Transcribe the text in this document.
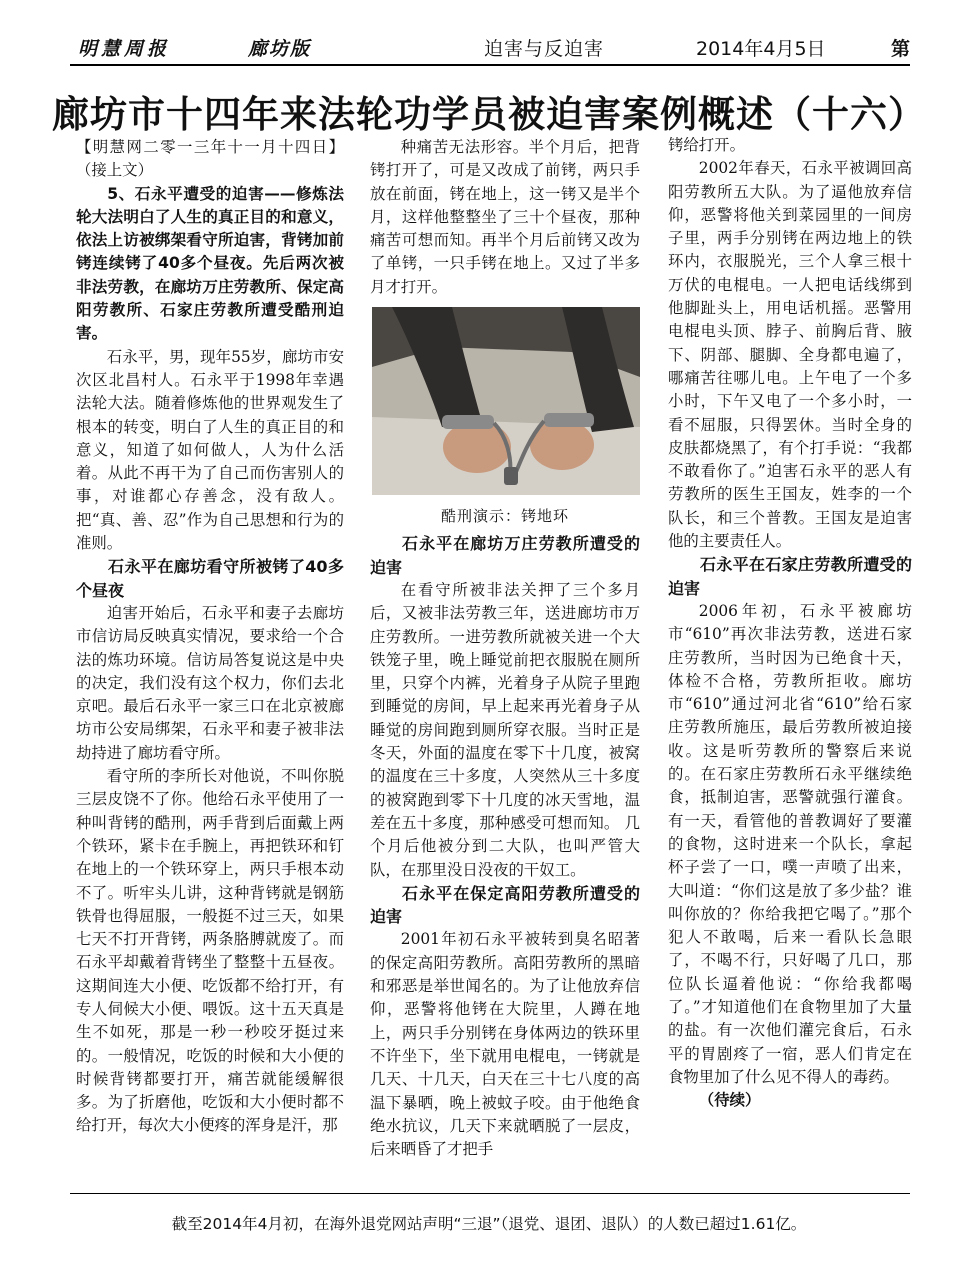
明慧周报	廊坊版	迫害与反迫害	2014年4月5日	第
廊坊市十四年来法轮功学员被迫害案例概述（十六）

【明慧网二零一三年十一月十四日】（接上文）

5、石永平遭受的迫害——修炼法轮大法明白了人生的真正目的和意义，依法上访被绑架看守所迫害，背铐加前铐连续铐了40多个昼夜。先后两次被非法劳教，在廊坊万庄劳教所、保定高阳劳教所、石家庄劳教所遭受酷刑迫害。

石永平，男，现年55岁，廊坊市安次区北昌村人。石永平于1998年幸遇法轮大法。随着修炼他的世界观发生了根本的转变，明白了人生的真正目的和意义，知道了如何做人，人为什么活着。从此不再干为了自己而伤害别人的事，对谁都心存善念，没有敌人。把“真、善、忍”作为自己思想和行为的准则。

石永平在廊坊看守所被铐了40多个昼夜

迫害开始后，石永平和妻子去廊坊市信访局反映真实情况，要求给一个合法的炼功环境。信访局答复说这是中央的决定，我们没有这个权力，你们去北京吧。最后石永平一家三口在北京被廊坊市公安局绑架，石永平和妻子被非法劫持进了廊坊看守所。

看守所的李所长对他说，不叫你脱三层皮饶不了你。他给石永平使用了一种叫背铐的酷刑，两手背到后面戴上两个铁环，紧卡在手腕上，再把铁环和钉在地上的一个铁环穿上，两只手根本动不了。听牢头儿讲，这种背铐就是钢筋铁骨也得屈服，一般挺不过三天，如果七天不打开背铐，两条胳膊就废了。而石永平却戴着背铐坐了整整十五昼夜。这期间连大小便、吃饭都不给打开，有专人伺候大小便、喂饭。这十五天真是生不如死，那是一秒一秒咬牙挺过来的。一般情况，吃饭的时候和大小便的时候背铐都要打开，痛苦就能缓解很多。为了折磨他，吃饭和大小便时都不给打开，每次大小便疼的浑身是汗，那

种痛苦无法形容。半个月后，把背铐打开了，可是又改成了前铐，两只手放在前面，铐在地上，这一铐又是半个月，这样他整整坐了三十个昼夜，那种痛苦可想而知。再半个月后前铐又改为了单铐，一只手铐在地上。又过了半多月才打开。

酷刑演示：铐地环
石永平在廊坊万庄劳教所遭受的迫害

在看守所被非法关押了三个多月后，又被非法劳教三年，送进廊坊市万庄劳教所。一进劳教所就被关进一个大铁笼子里，晚上睡觉前把衣服脱在厕所里，只穿个内裤，光着身子从院子里跑到睡觉的房间，早上起来再光着身子从睡觉的房间跑到厕所穿衣服。当时正是冬天，外面的温度在零下十几度，被窝的温度在三十多度，人突然从三十多度的被窝跑到零下十几度的冰天雪地，温差在五十多度，那种感受可想而知。 几个月后他被分到二大队，也叫严管大队，在那里没日没夜的干奴工。

石永平在保定高阳劳教所遭受的迫害

2001年初石永平被转到臭名昭著的保定高阳劳教所。高阳劳教所的黑暗和邪恶是举世闻名的。为了让他放弃信仰，恶警将他铐在大院里，人蹲在地上，两只手分别铐在身体两边的铁环里不许坐下，坐下就用电棍电，一铐就是几天、十几天，白天在三十七八度的高温下暴晒，晚上被蚊子咬。由于他绝食绝水抗议，几天下来就晒脱了一层皮，后来晒昏了才把手

铐给打开。

2002年春天，石永平被调回高阳劳教所五大队。为了逼他放弃信仰，恶警将他关到菜园里的一间房子里，两手分别铐在两边地上的铁环内，衣服脱光，三个人拿三根十万伏的电棍电。一人把电话线绑到他脚趾头上，用电话机摇。恶警用电棍电头顶、脖子、前胸后背、腋下、阴部、腿脚、全身都电遍了，哪痛苦往哪儿电。上午电了一个多小时，下午又电了一个多小时，一看不屈服，只得罢休。当时全身的皮肤都烧黑了，有个打手说：“我都不敢看你了。”迫害石永平的恶人有劳教所的医生王国友，姓李的一个队长，和三个普教。王国友是迫害他的主要责任人。

石永平在石家庄劳教所遭受的迫害

2006年初，石永平被廊坊市“610”再次非法劳教，送进石家庄劳教所，当时因为已绝食十天，体检不合格，劳教所拒收。廊坊市“610”通过河北省“610”给石家庄劳教所施压，最后劳教所被迫接收。这是听劳教所的警察后来说的。在石家庄劳教所石永平继续绝食，抵制迫害，恶警就强行灌食。有一天，看管他的普教调好了要灌的食物，这时进来一个队长，拿起杯子尝了一口，噗一声喷了出来，大叫道：“你们这是放了多少盐？谁叫你放的？你给我把它喝了。”那个犯人不敢喝，后来一看队长急眼了，不喝不行，只好喝了几口，那位队长逼着他说：“你给我都喝了。”才知道他们在食物里加了大量的盐。有一次他们灌完食后，石永平的胃剧疼了一宿，恶人们肯定在食物里加了什么见不得人的毒药。

（待续）

截至2014年4月初，在海外退党网站声明“三退”（退党、退团、退队）的人数已超过1.61亿。
